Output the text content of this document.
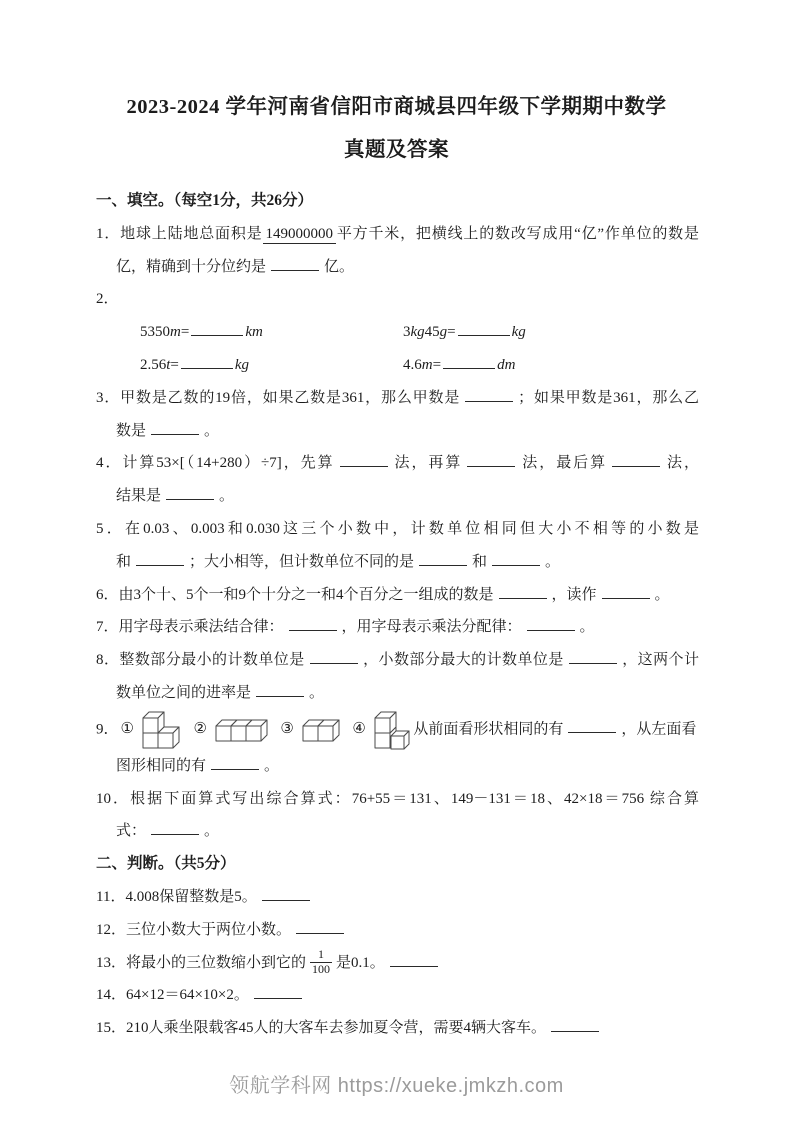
2023-2024 学年河南省信阳市商城县四年级下学期期中数学
真题及答案
一、填空。（每空1分，共26分）
1．地球上陆地总面积是 149000000 平方千米，把横线上的数改写成用“亿”作单位的数是
亿，精确到十分位约是	亿。
2．
5350m=	km	3kg45g=	kg
2.56t=	kg	4.6m=	dm
3．甲数是乙数的19倍，如果乙数是361，那么甲数是	；如果甲数是361，那么乙
数是	。
4．计算53×[（14+280）÷7]，先算	法，再算	法，最后算	法，
结果是	。
5．在0.03、0.003和0.030这三个小数中，计数单位相同但大小不相等的小数是
和	；大小相等，但计数单位不同的是	和	。
6．由3个十、5个一和9个十分之一和4个百分之一组成的数是	，读作	。
7．用字母表示乘法结合律：	，用字母表示乘法分配律：	。
8．整数部分最小的计数单位是	，小数部分最大的计数单位是	，这两个计
数单位之间的进率是	。
9． ①	②	③	④	从前面看形状相同的有	，从左面看
图形相同的有	。
10．根据下面算式写出综合算式：76+55＝131、149－131＝18、42×18＝756 综合算
式：	。
二、判断。（共5分）
11．4.008保留整数是5。
12．三位小数大于两位小数。
13．将最小的三位数缩小到它的 $\frac{1}{100}$ 是0.1。
14．64×12＝64×10×2。
15．210人乘坐限载客45人的大客车去参加夏令营，需要4辆大客车。
领航学科网 https://xueke.jmkzh.com
